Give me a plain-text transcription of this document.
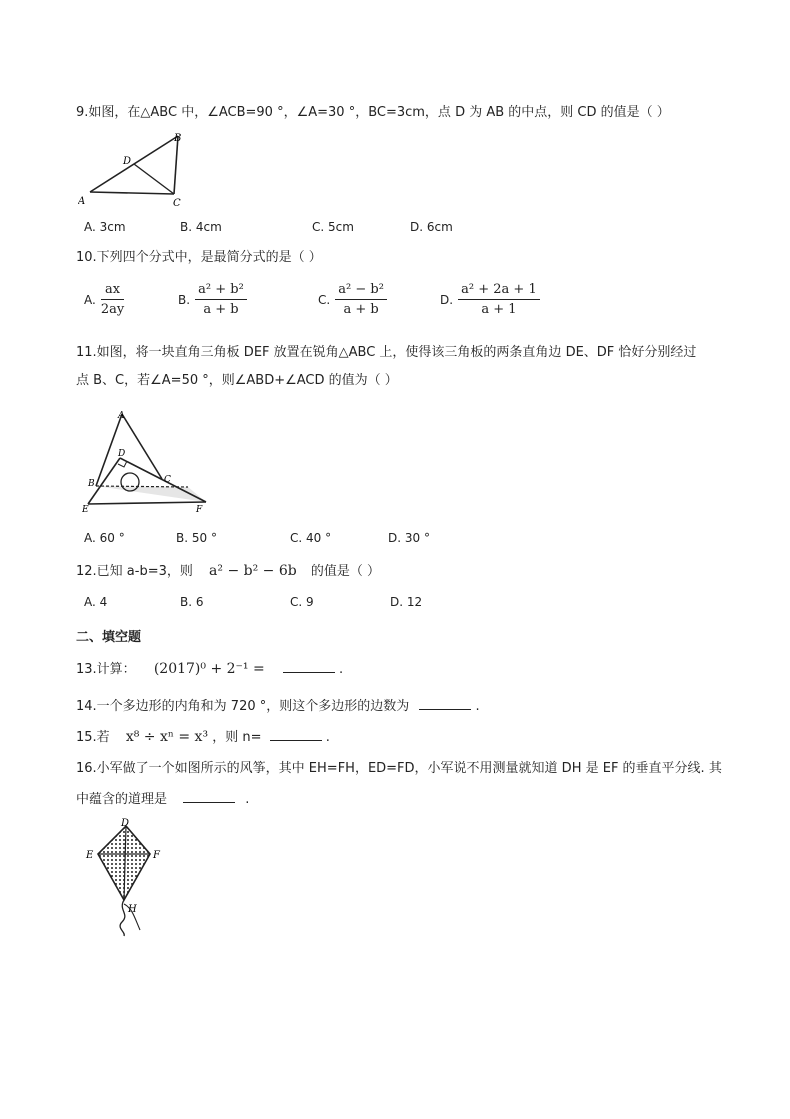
9.如图，在△ABC 中，∠ACB=90 °，∠A=30 °，BC=3cm，点 D 为 AB 的中点，则 CD 的值是（ ）
A
B
C
D
A. 3cm	B. 4cm	C. 5cm	D. 6cm
10.下列四个分式中，是最简分式的是（ ）
A. $\frac{ax}{2ay}$	B. $\frac{\text{a² + b²}}{a + b}$	C. $\frac{\text{a² − b²}}{a + b}$	D. $\frac{\text{a² + 2a + 1}}{a + 1}$
11.如图，将一块直角三角板 DEF 放置在锐角△ABC 上，使得该三角板的两条直角边 DE、DF 恰好分别经过
点 B、C，若∠A=50 °，则∠ABD+∠ACD 的值为（ ）
A
B	C
D
E	F
A. 60 °	B. 50 °	C. 40 °	D. 30 °
12.已知 a-b=3，则 a² − b² − 6b 的值是（ ）
A. 4	B. 6	C. 9	D. 12
二、填空题
13.计算： (2017)⁰ + 2⁻¹ =	.
14.一个多边形的内角和为 720 °，则这个多边形的边数为	.
15.若 x⁸ ÷ xⁿ = x³ ，则 n=	.
16.小军做了一个如图所示的风筝，其中 EH=FH，ED=FD，小军说不用测量就知道 DH 是 EF 的垂直平分线. 其
中蕴含的道理是	.
D
E	F
H
